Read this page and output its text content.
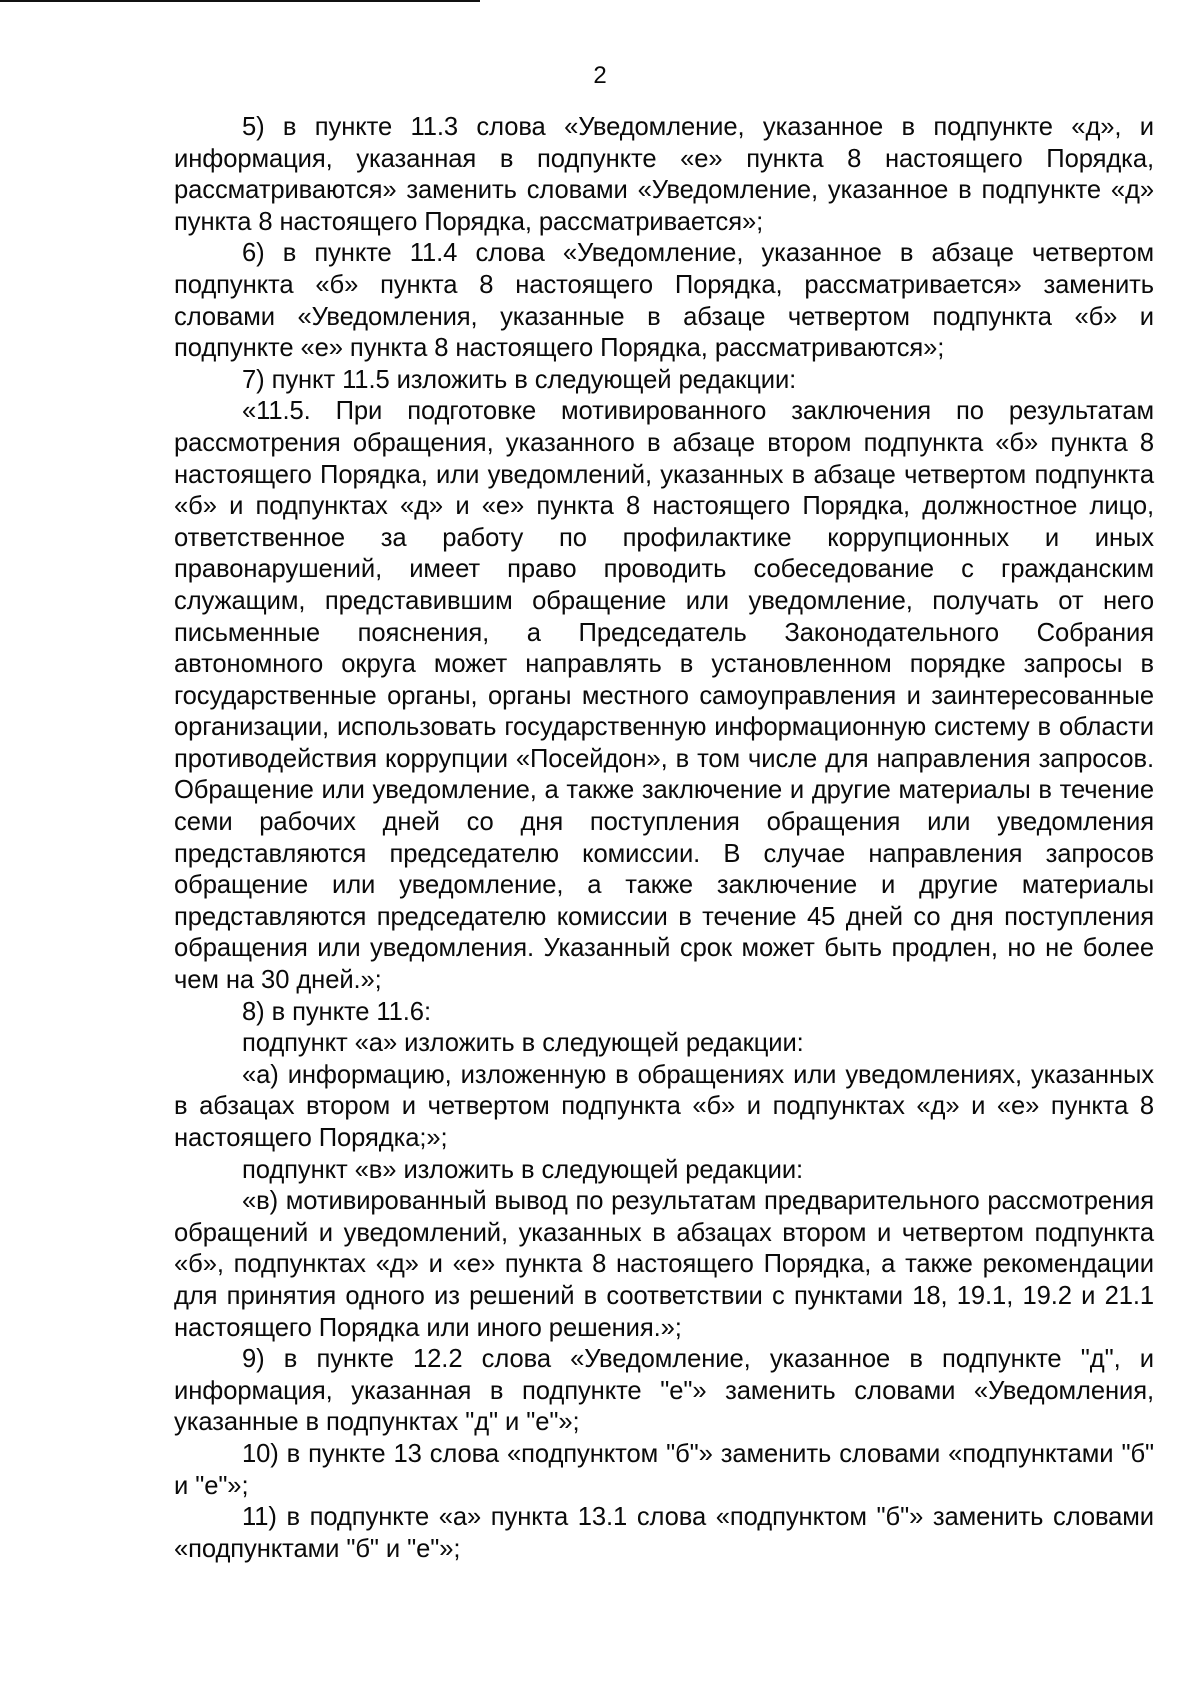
2

5) в пункте 11.3 слова «Уведомление, указанное в подпункте «д», и информация, указанная в подпункте «е» пункта 8 настоящего Порядка, рассматриваются» заменить словами «Уведомление, указанное в подпункте «д» пункта 8 настоящего Порядка, рассматривается»;

6) в пункте 11.4 слова «Уведомление, указанное в абзаце четвертом подпункта «б» пункта 8 настоящего Порядка, рассматривается» заменить словами «Уведомления, указанные в абзаце четвертом подпункта «б» и подпункте «е» пункта 8 настоящего Порядка, рассматриваются»;

7) пункт 11.5 изложить в следующей редакции:

«11.5. При подготовке мотивированного заключения по результатам рассмотрения обращения, указанного в абзаце втором подпункта «б» пункта 8 настоящего Порядка, или уведомлений, указанных в абзаце четвертом подпункта «б» и подпунктах «д» и «е» пункта 8 настоящего Порядка, должностное лицо, ответственное за работу по профилактике коррупционных и иных правонарушений, имеет право проводить собеседование с гражданским служащим, представившим обращение или уведомление, получать от него письменные пояснения, а Председатель Законодательного Собрания автономного округа может направлять в установленном порядке запросы в государственные органы, органы местного самоуправления и заинтересованные организации, использовать государственную информационную систему в области противодействия коррупции «Посейдон», в том числе для направления запросов. Обращение или уведомление, а также заключение и другие материалы в течение семи рабочих дней со дня поступления обращения или уведомления представляются председателю комиссии. В случае направления запросов обращение или уведомление, а также заключение и другие материалы представляются председателю комиссии в течение 45 дней со дня поступления обращения или уведомления. Указанный срок может быть продлен, но не более чем на 30 дней.»;

8) в пункте 11.6:

подпункт «а» изложить в следующей редакции:

«а) информацию, изложенную в обращениях или уведомлениях, указанных в абзацах втором и четвертом подпункта «б» и подпунктах «д» и «е» пункта 8 настоящего Порядка;»;

подпункт «в» изложить в следующей редакции:

«в) мотивированный вывод по результатам предварительного рассмотрения обращений и уведомлений, указанных в абзацах втором и четвертом подпункта «б», подпунктах «д» и «е» пункта 8 настоящего Порядка, а также рекомендации для принятия одного из решений в соответствии с пунктами 18, 19.1, 19.2 и 21.1 настоящего Порядка или иного решения.»;

9) в пункте 12.2 слова «Уведомление, указанное в подпункте "д", и информация, указанная в подпункте "е"» заменить словами «Уведомления, указанные в подпунктах "д" и "е"»;

10) в пункте 13 слова «подпунктом "б"» заменить словами «подпунктами "б" и "е"»;

11) в подпункте «а» пункта 13.1 слова «подпунктом "б"» заменить словами «подпунктами "б" и "е"»;
